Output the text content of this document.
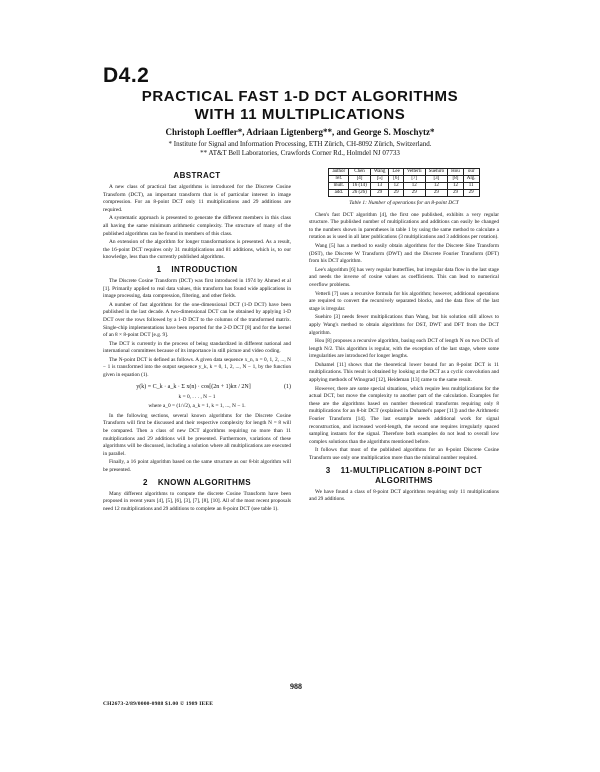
D4.2
PRACTICAL FAST 1-D DCT ALGORITHMS
WITH 11 MULTIPLICATIONS
Christoph Loeffler*, Adriaan Ligtenberg**, and George S. Moschytz*
* Institute for Signal and Information Processing, ETH Zürich, CH-8092 Zürich, Switzerland.
** AT&T Bell Laboratories, Crawfords Corner Rd., Holmdel NJ 07733
ABSTRACT

A new class of practical fast algorithms is introduced for the Discrete Cosine Transform (DCT), an important transform that is of particular interest in image compression. For an 8-point DCT only 11 multiplications and 29 additions are required.

A systematic approach is presented to generate the different members in this class all having the same minimum arithmetic complexity. The structure of many of the published algorithms can be found in members of this class.

An extension of the algorithm for longer transformations is presented. As a result, the 16-point DCT requires only 31 multiplications and 81 additions, which is, to our knowledge, less than the currently published algorithms.

1 INTRODUCTION

The Discrete Cosine Transform (DCT) was first introduced in 1974 by Ahmed et al [1]. Primarily applied to real data values, this transform has found wide applications in image processing, data compression, filtering, and other fields.

A number of fast algorithms for the one-dimensional DCT (1-D DCT) have been published in the last decade. A two-dimensional DCT can be obtained by applying 1-D DCT over the rows followed by a 1-D DCT to the columns of the transformed matrix. Single-chip implementations have been reported for the 2-D DCT [8] and for the kernel of an 8 × 8-point DCT [e.g. 9].

The DCT is currently in the process of being standardized in different national and international committees because of its importance in still picture and video coding.

The N-point DCT is defined as follows. A given data sequence x_n, n = 0, 1, 2, ..., N − 1 is transformed into the output sequence y_k, k = 0, 1, 2, ..., N − 1, by the function given in equation (1).

y(k) = C_k · a_k · Σ x(n) · cos[(2n + 1)kπ / 2N]	(1)
k = 0, . . . , N − 1
where a_0 = (1/√2), a_k = 1, k = 1, ..., N − 1.

In the following sections, several known algorithms for the Discrete Cosine Transform will first be discussed and their respective complexity for length N = 8 will be compared. Then a class of new DCT algorithms requiring no more than 11 multiplications and 29 additions will be presented. Furthermore, variations of these algorithms will be discussed, including a solution where all multiplications are executed in parallel.

Finally, a 16 point algorithm based on the same structure as our 8-bit algorithm will be presented.

2 KNOWN ALGORITHMS

Many different algorithms to compute the discrete Cosine Transform have been proposed in recent years [4], [5], [6], [3], [7], [8], [10]. All of the most recent proposals need 12 multiplications and 29 additions to complete an 8-point DCT (see table 1).

author	Chen	Wang	Lee	Vetterli	Suehiro	Hou	our
ref.	[4]	[5]	[6]	[7]	[3]	[8]	Alg.
mult.	16 (14)	13	12	12	12	12	11
add.	26 (26)	29	29	29	29	29	29
Table 1: Number of operations for an 8-point DCT

Chen's fast DCT algorithm [4], the first one published, exhibits a very regular structure. The published number of multiplications and additions can easily be changed to the numbers shown in parentheses in table 1 by using the same method to calculate a rotation as is used in all later publications (3 multiplications and 3 additions per rotation).

Wang [5] has a method to easily obtain algorithms for the Discrete Sine Transform (DST), the Discrete W Transform (DWT) and the Discrete Fourier Transform (DFT) from his DCT algorithm.

Lee's algorithm [6] has very regular butterflies, but irregular data flow in the last stage and needs the inverse of cosine values as coefficients. This can lead to numerical overflow problems.

Vetterli [7] uses a recursive formula for his algorithm; however, additional operations are required to convert the recursively separated blocks, and the data flow of the last stage is irregular.

Suehiro [3] needs fewer multiplications than Wang, but his solution still allows to apply Wang's method to obtain algorithms for DST, DWT and DFT from the DCT algorithm.

Hou [8] proposes a recursive algorithm, basing each DCT of length N on two DCTs of length N/2. This algorithm is regular, with the exception of the last stage, where some irregularities are introduced for longer lengths.

Duhamel [11] shows that the theoretical lower bound for an 8-point DCT is 11 multiplications. This result is obtained by looking at the DCT as a cyclic convolution and applying methods of Winograd [12], Heideman [13] came to the same result.

However, there are some special situations, which require less multiplications for the actual DCT, but move the complexity to another part of the calculation. Examples for these are the algorithms based on number theoretical transforms requiring only 8 multiplications for an 8-bit DCT (explained in Duhamel's paper [11]) and the Arithmetic Fourier Transform [14]. The last example needs additional work for signal reconstruction, and increased word-length, the second one requires irregularly spaced sampling instants for the signal. Therefore both examples do not lead to overall low complex solutions than the algorithms mentioned before.

It follows that most of the published algorithms for an 8-point Discrete Cosine Transform use only one multiplication more than the minimal number required.

3 11-MULTIPLICATION 8-POINT DCT ALGORITHMS

We have found a class of 8-point DCT algorithms requiring only 11 multiplications and 29 additions.

988
CH2673-2/89/0000-0988 $1.00 © 1989 IEEE
